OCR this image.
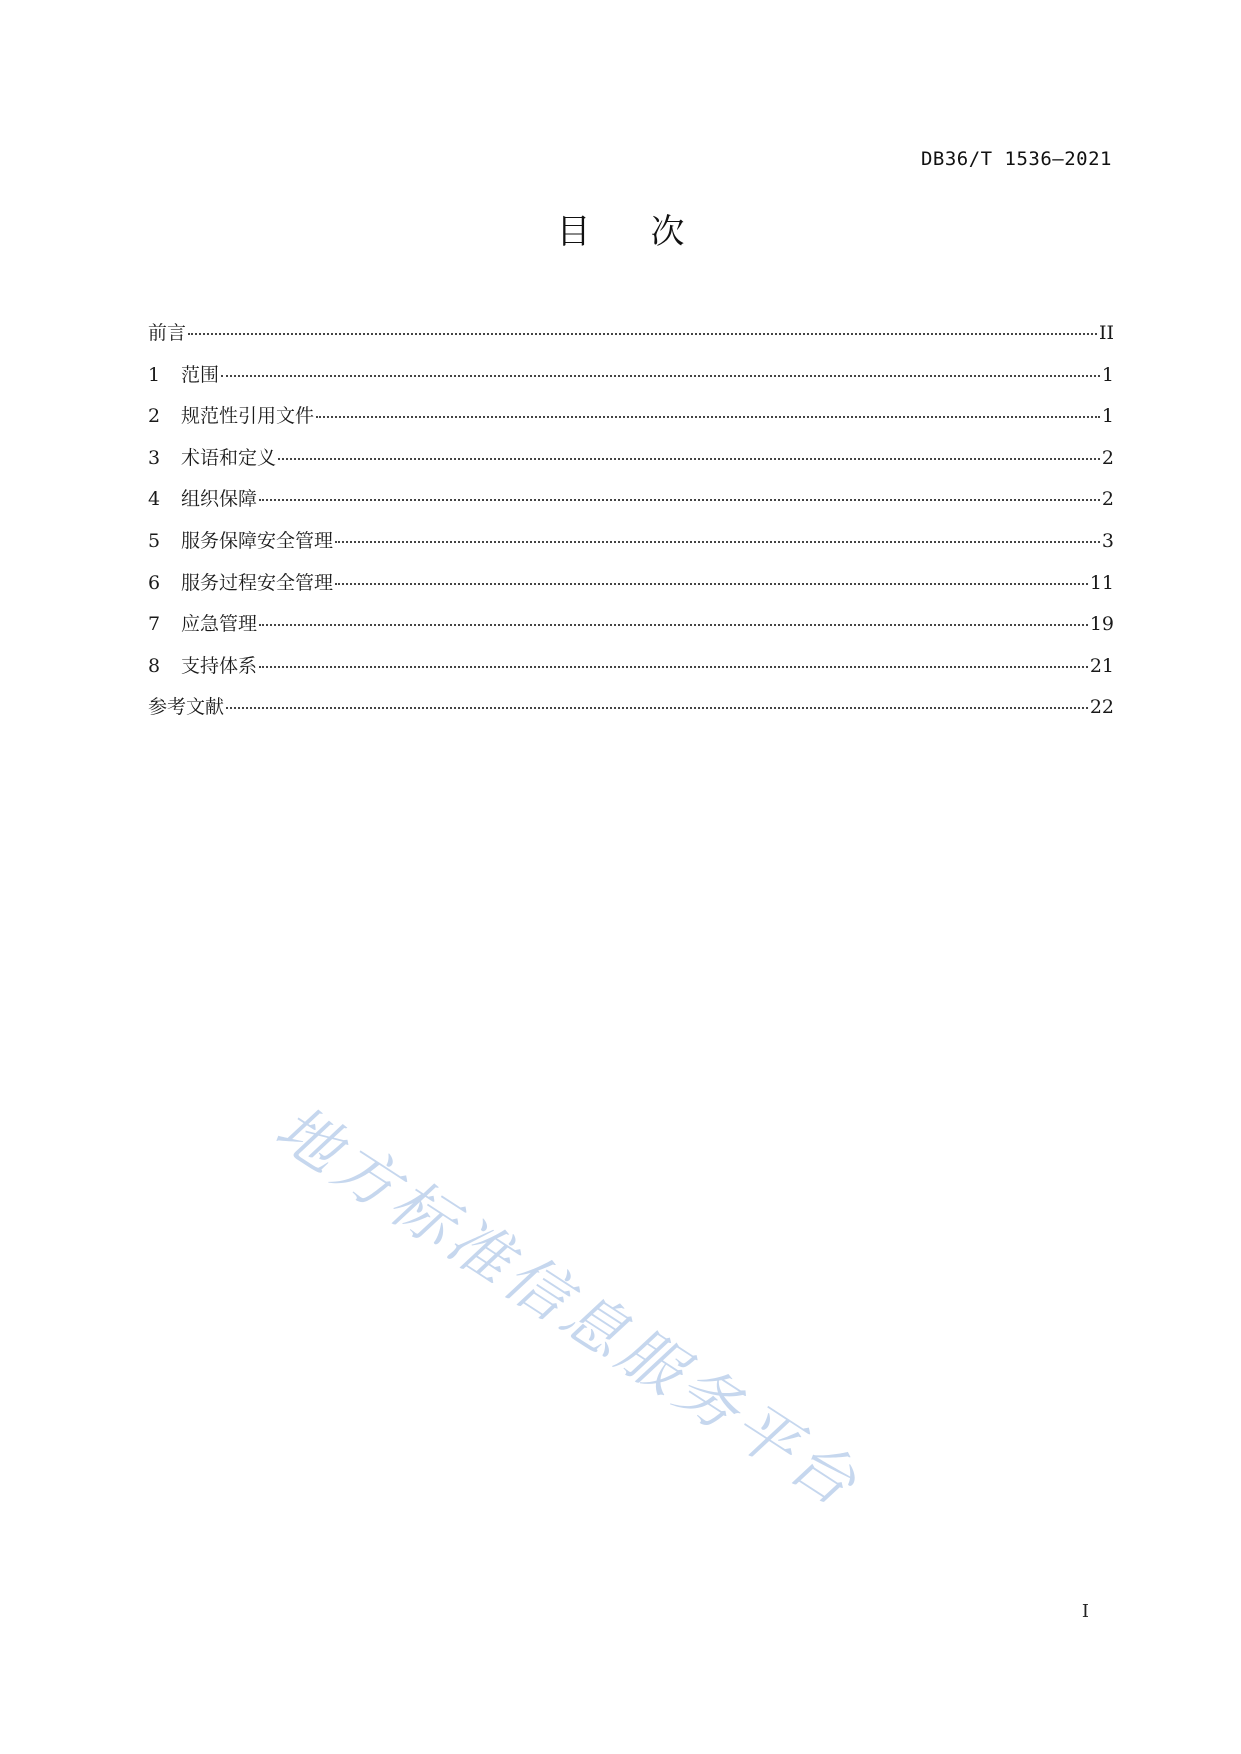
DB36/T 1536—2021
目次
前言	II
1	范围	1
2	规范性引用文件	1
3	术语和定义	2
4	组织保障	2
5	服务保障安全管理	3
6	服务过程安全管理	11
7	应急管理	19
8	支持体系	21
参考文献	22
地方标准信息服务平台
I
